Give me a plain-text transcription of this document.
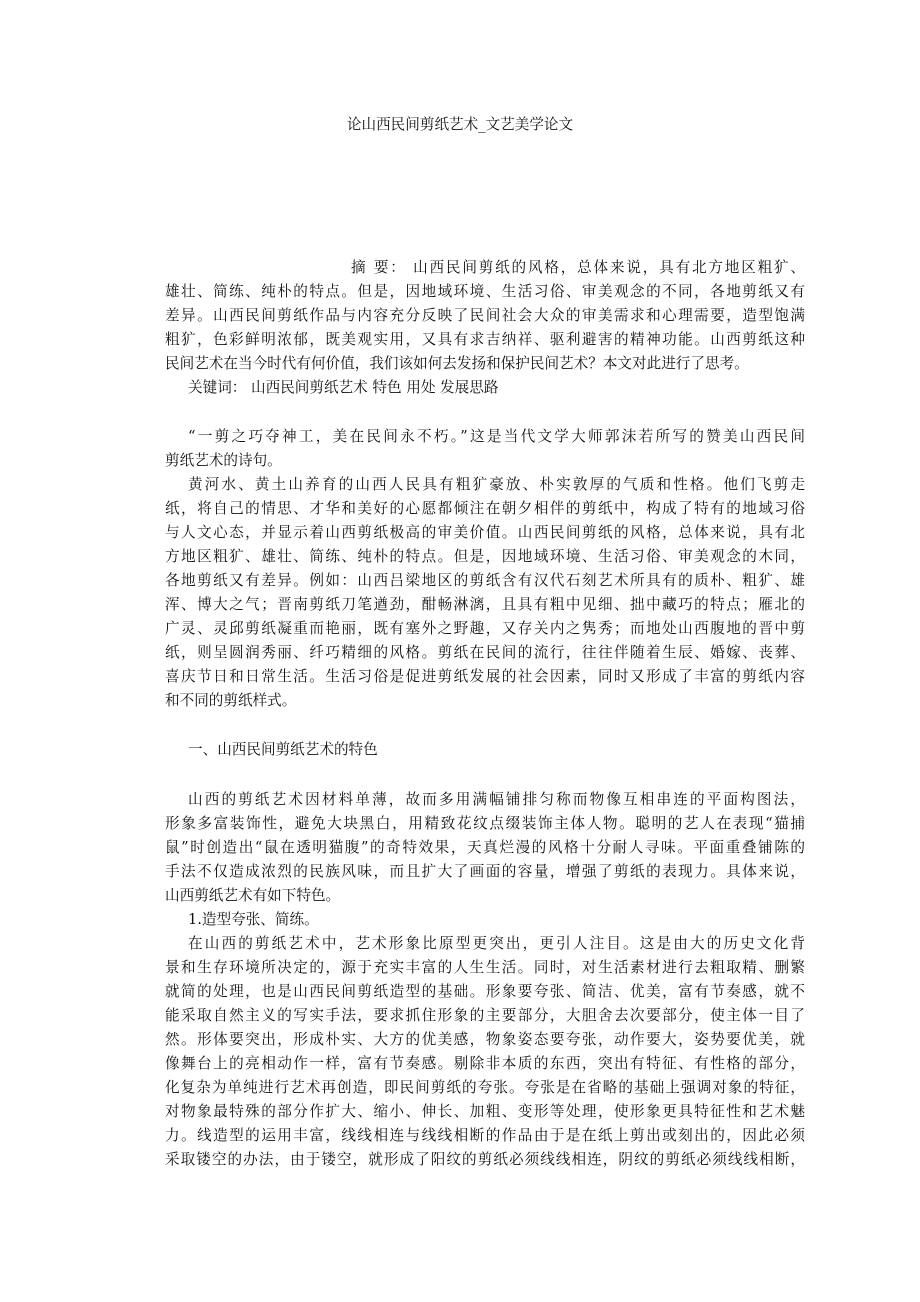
论山西民间剪纸艺术_文艺美学论文
摘 要： 山西民间剪纸的风格，总体来说，具有北方地区粗犷、
雄壮、简练、纯朴的特点。但是，因地域环境、生活习俗、审美观念的不同，各地剪纸又有
差异。山西民间剪纸作品与内容充分反映了民间社会大众的审美需求和心理需要，造型饱满
粗犷，色彩鲜明浓郁，既美观实用，又具有求吉纳祥、驱利避害的精神功能。山西剪纸这种
民间艺术在当今时代有何价值，我们该如何去发扬和保护民间艺术？本文对此进行了思考。
关键词： 山西民间剪纸艺术 特色 用处 发展思路
“一剪之巧夺神工，美在民间永不朽。”这是当代文学大师郭沫若所写的赞美山西民间
剪纸艺术的诗句。
黄河水、黄土山养育的山西人民具有粗犷豪放、朴实敦厚的气质和性格。他们飞剪走
纸，将自己的情思、才华和美好的心愿都倾注在朝夕相伴的剪纸中，构成了特有的地域习俗
与人文心态，并显示着山西剪纸极高的审美价值。山西民间剪纸的风格，总体来说，具有北
方地区粗犷、雄壮、简练、纯朴的特点。但是，因地域环境、生活习俗、审美观念的木同，
各地剪纸又有差异。例如：山西吕梁地区的剪纸含有汉代石刻艺术所具有的质朴、粗犷、雄
浑、博大之气；晋南剪纸刀笔遒劲，酣畅淋漓，且具有粗中见细、拙中藏巧的特点；雁北的
广灵、灵邱剪纸凝重而艳丽，既有塞外之野趣，又存关内之隽秀；而地处山西腹地的晋中剪
纸，则呈圆润秀丽、纤巧精细的风格。剪纸在民间的流行，往往伴随着生辰、婚嫁、丧葬、
喜庆节日和日常生活。生活习俗是促进剪纸发展的社会因素，同时又形成了丰富的剪纸内容
和不同的剪纸样式。
一、山西民间剪纸艺术的特色
山西的剪纸艺术因材料单薄，故而多用满幅铺排匀称而物像互相串连的平面构图法，
形象多富装饰性，避免大块黑白，用精致花纹点缀装饰主体人物。聪明的艺人在表现“猫捕
鼠”时创造出“鼠在透明猫腹”的奇特效果，天真烂漫的风格十分耐人寻味。平面重叠铺陈的
手法不仅造成浓烈的民族风味，而且扩大了画面的容量，增强了剪纸的表现力。具体来说，
山西剪纸艺术有如下特色。
1.造型夸张、简练。
在山西的剪纸艺术中，艺术形象比原型更突出，更引人注目。这是由大的历史文化背
景和生存环境所决定的，源于充实丰富的人生生活。同时，对生活素材进行去粗取精、删繁
就简的处理，也是山西民间剪纸造型的基础。形象要夸张、简洁、优美，富有节奏感，就不
能采取自然主义的写实手法，要求抓住形象的主要部分，大胆舍去次要部分，使主体一目了
然。形体要突出，形成朴实、大方的优美感，物象姿态要夸张，动作要大，姿势要优美，就
像舞台上的亮相动作一样，富有节奏感。剔除非本质的东西，突出有特征、有性格的部分，
化复杂为单纯进行艺术再创造，即民间剪纸的夸张。夸张是在省略的基础上强调对象的特征，
对物象最特殊的部分作扩大、缩小、伸长、加粗、变形等处理，使形象更具特征性和艺术魅
力。线造型的运用丰富，线线相连与线线相断的作品由于是在纸上剪出或刻出的，因此必须
采取镂空的办法，由于镂空，就形成了阳纹的剪纸必须线线相连，阴纹的剪纸必须线线相断，
